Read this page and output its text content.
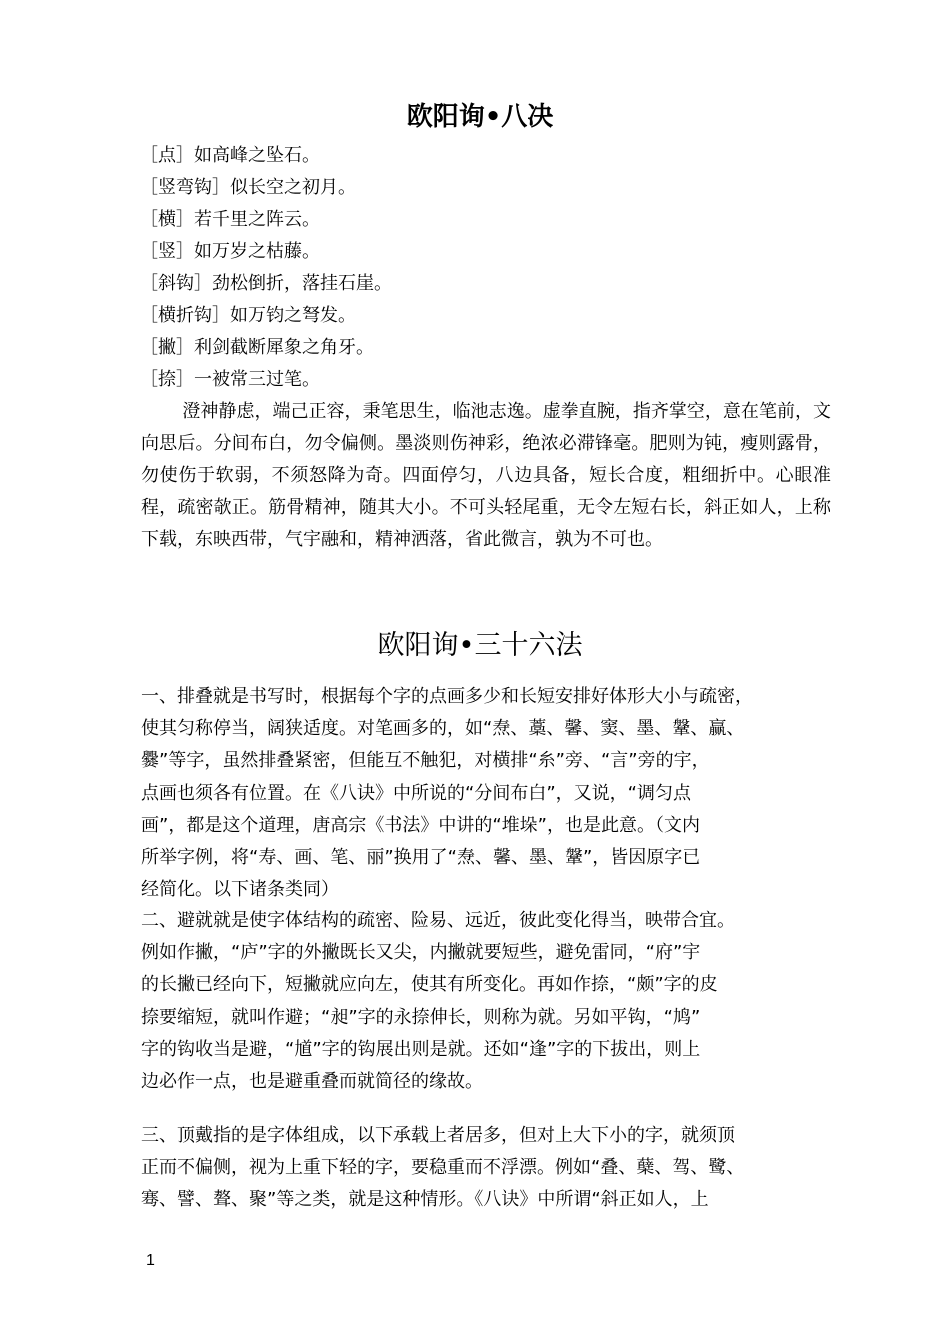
欧阳询•八决
［点］如高峰之坠石。
［竖弯钩］似长空之初月。
［横］若千里之阵云。
［竖］如万岁之枯藤。
［斜钩］劲松倒折，落挂石崖。
［横折钩］如万钧之弩发。
［撇］利剑截断犀象之角牙。
［捺］一被常三过笔。
澄神静虑，端己正容，秉笔思生，临池志逸。虚拳直腕，指齐掌空，意在笔前，文向思后。分间布白，勿令偏侧。墨淡则伤神彩，绝浓必滞锋毫。肥则为钝，瘦则露骨，勿使伤于软弱，不须怒降为奇。四面停匀，八边具备，短长合度，粗细折中。心眼准程，疏密欹正。筋骨精神，随其大小。不可头轻尾重，无令左短右长，斜正如人，上称下载，东映西带，气宇融和，精神洒落，省此微言，孰为不可也。
欧阳询•三十六法
一、排叠就是书写时，根据每个字的点画多少和长短安排好体形大小与疏密，
使其匀称停当，阔狭适度。对笔画多的，如“焘、藁、馨、窦、墨、鞶、赢、
爨”等字，虽然排叠紧密，但能互不触犯，对横排“糸”旁、“言”旁的宇，
点画也须各有位置。在《八诀》中所说的“分间布白”，又说，“调匀点
画”，都是这个道理，唐高宗《书法》中讲的“堆垛”，也是此意。（文内
所举字例，将“寿、画、笔、丽”换用了“焘、馨、墨、鞶”，皆因原字已
经简化。以下诸条类同）
二、避就就是使字体结构的疏密、险易、远近，彼此变化得当，映带合宜。
例如作撇，“庐”字的外撇既长又尖，内撇就要短些，避免雷同，“府”宇
的长撇已经向下，短撇就应向左，使其有所变化。再如作捺，“颇”字的皮
捺要缩短，就叫作避；“昶”字的永捺伸长，则称为就。另如平钩，“鸠”
字的钩收当是避，“馗”字的钩展出则是就。还如“逢”字的下拔出，则上
边必作一点，也是避重叠而就简径的缘故。
三、顶戴指的是字体组成，以下承载上者居多，但对上大下小的字，就须顶
正而不偏侧，视为上重下轻的字，要稳重而不浮漂。例如“叠、蘖、驾、鹭、
骞、譬、聱、聚”等之类，就是这种情形。《八诀》中所谓“斜正如人，上
1
